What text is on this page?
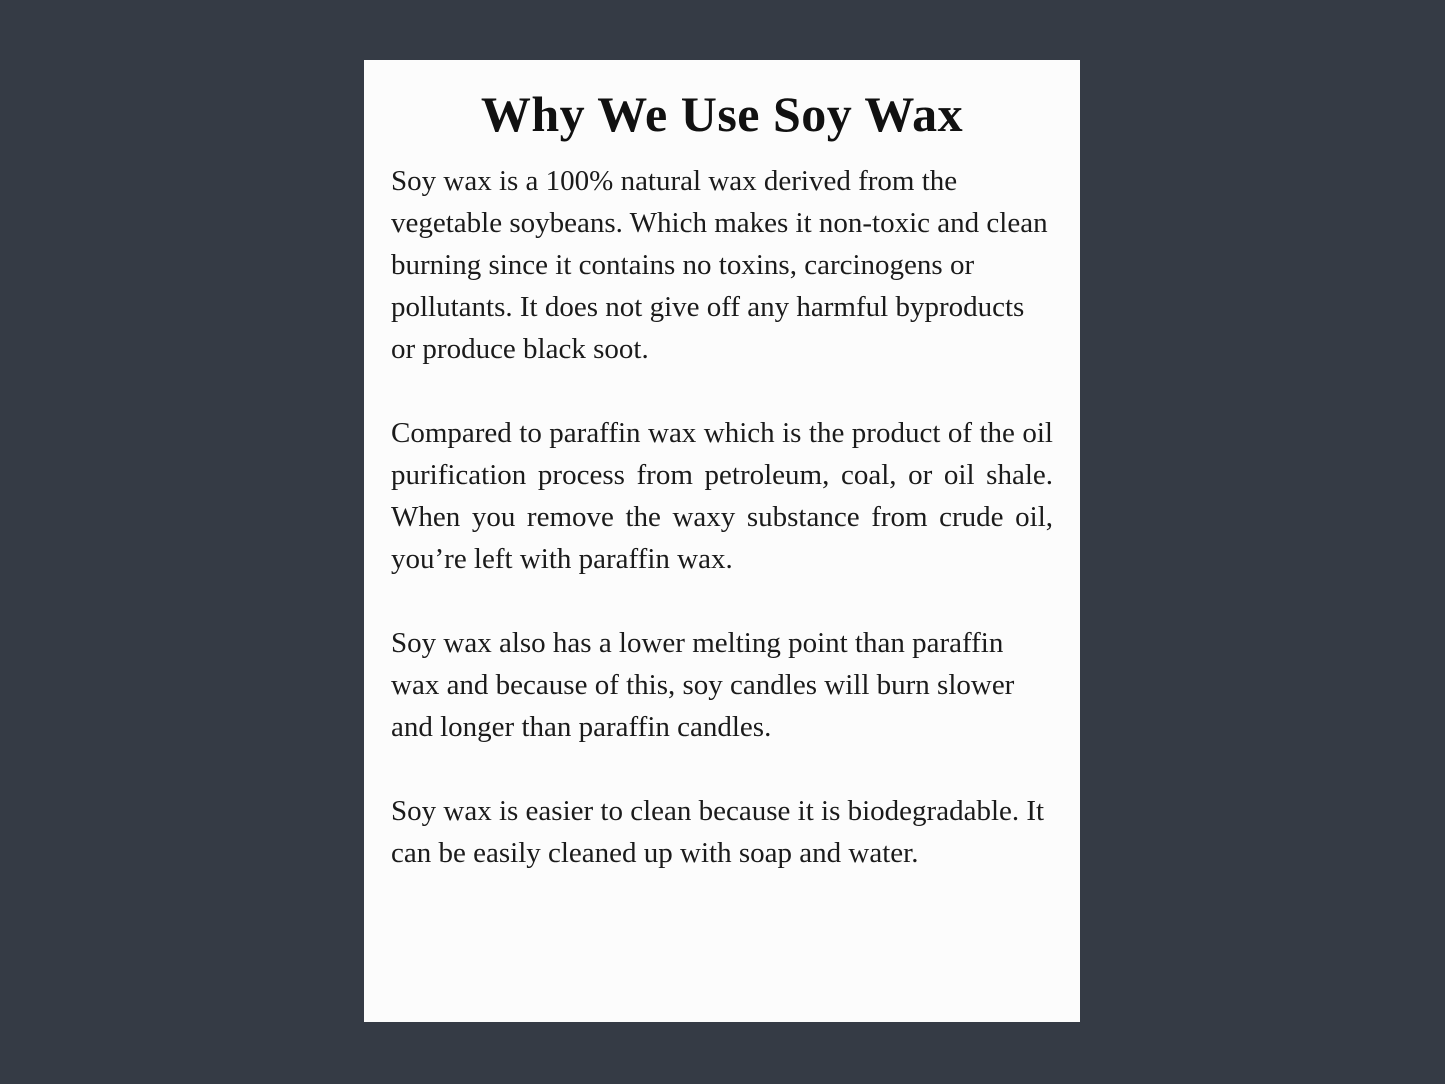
Why We Use Soy Wax

Soy wax is a 100% natural wax derived from the vegetable soybeans. Which makes it non-toxic and clean burning since it contains no toxins, carcinogens or pollutants. It does not give off any harmful byproducts or produce black soot.

Compared to paraffin wax which is the product of the oil purification process from petroleum, coal, or oil shale. When you remove the waxy substance from crude oil, you’re left with paraffin wax.

Soy wax also has a lower melting point than paraffin wax and because of this, soy candles will burn slower and longer than paraffin candles.

Soy wax is easier to clean because it is biodegradable. It can be easily cleaned up with soap and water.
